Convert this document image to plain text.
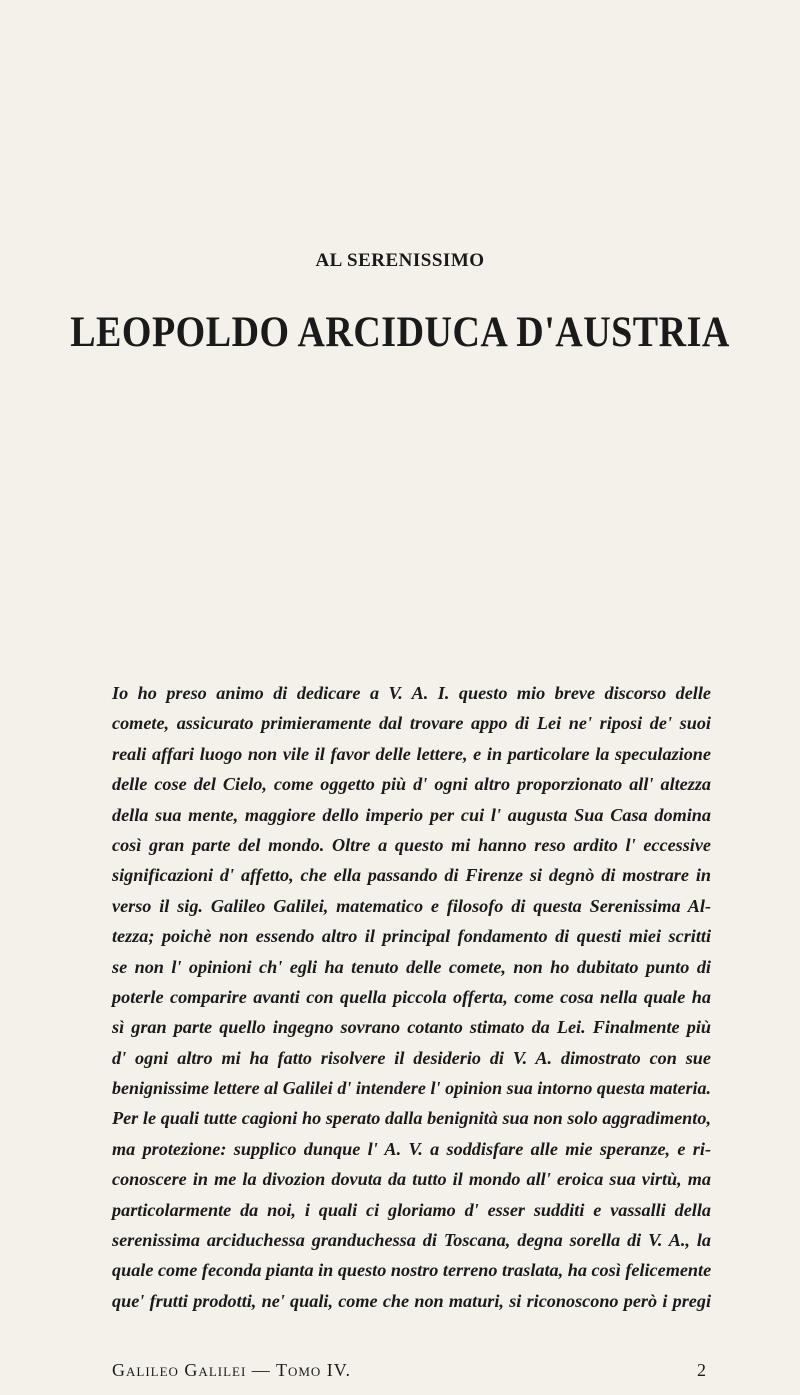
AL SERENISSIMO
LEOPOLDO ARCIDUCA D'AUSTRIA
Io ho preso animo di dedicare a V. A. I. questo mio breve discorso delle
comete, assicurato primieramente dal trovare appo di Lei ne' riposi de' suoi
reali affari luogo non vile il favor delle lettere, e in particolare la speculazione
delle cose del Cielo, come oggetto più d' ogni altro proporzionato all' altezza
della sua mente, maggiore dello imperio per cui l' augusta Sua Casa domina
così gran parte del mondo. Oltre a questo mi hanno reso ardito l' eccessive
significazioni d' affetto, che ella passando di Firenze si degnò di mostrare in
verso il sig. Galileo Galilei, matematico e filosofo di questa Serenissima Al-
tezza; poichè non essendo altro il principal fondamento di questi miei scritti
se non l' opinioni ch' egli ha tenuto delle comete, non ho dubitato punto di
poterle comparire avanti con quella piccola offerta, come cosa nella quale ha
sì gran parte quello ingegno sovrano cotanto stimato da Lei. Finalmente più
d' ogni altro mi ha fatto risolvere il desiderio di V. A. dimostrato con sue
benignissime lettere al Galilei d' intendere l' opinion sua intorno questa materia.
Per le quali tutte cagioni ho sperato dalla benignità sua non solo aggradimento,
ma protezione: supplico dunque l' A. V. a soddisfare alle mie speranze, e ri-
conoscere in me la divozion dovuta da tutto il mondo all' eroica sua virtù, ma
particolarmente da noi, i quali ci gloriamo d' esser sudditi e vassalli della
serenissima arciduchessa granduchessa di Toscana, degna sorella di V. A., la
quale come feconda pianta in questo nostro terreno traslata, ha così felicemente
que' frutti prodotti, ne' quali, come che non maturi, si riconoscono però i pregi
Galileo Galilei — Tomo IV.	2
